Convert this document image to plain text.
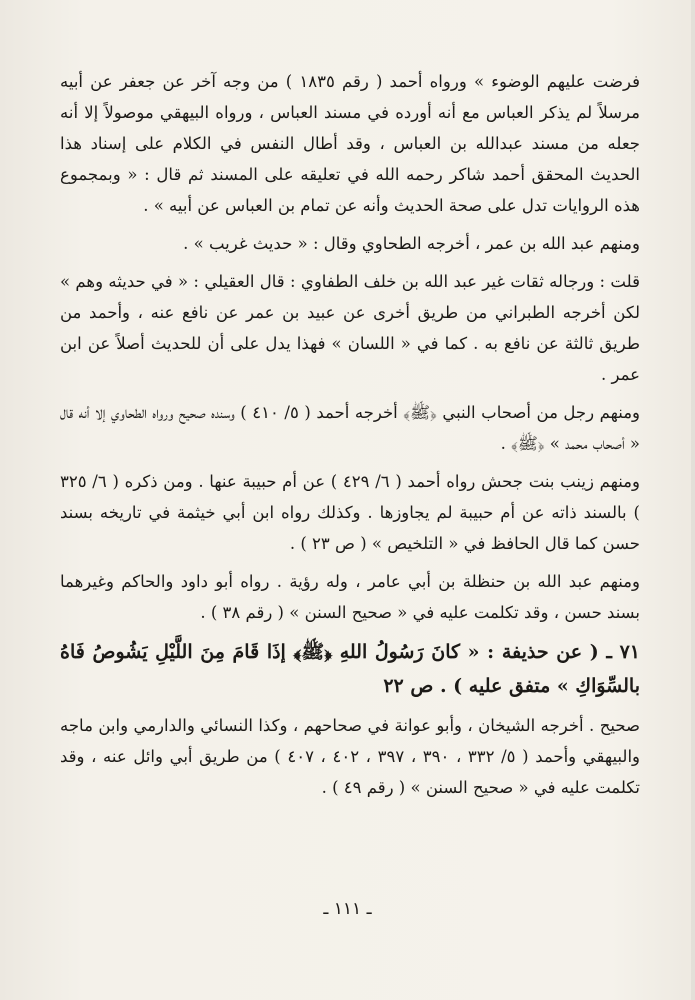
فرضت عليهم الوضوء » ورواه أحمد ( رقم ١٨٣٥ ) من وجه آخر عن جعفر عن أبيه مرسلاً لم يذكر العباس مع أنه أورده في مسند العباس ، ورواه البيهقي موصولاً إلا أنه جعله من مسند عبدالله بن العباس ، وقد أطال النفس في الكلام على إسناد هذا الحديث المحقق أحمد شاكر رحمه الله في تعليقه على المسند ثم قال : « وبمجموع هذه الروايات تدل على صحة الحديث وأنه عن تمام بن العباس عن أبيه » .

ومنهم عبد الله بن عمر ، أخرجه الطحاوي وقال : « حديث غريب » .

قلت : ورجاله ثقات غير عبد الله بن خلف الطفاوي : قال العقيلي : « في حديثه وهم » لكن أخرجه الطبراني من طريق أخرى عن عبيد بن عمر عن نافع عنه ، وأحمد من طريق ثالثة عن نافع به . كما في « اللسان » فهذا يدل على أن للحديث أصلاً عن ابن عمر .

ومنهم رجل من أصحاب النبي ﴿ﷺ﴾ أخرجه أحمد ( ٥/ ٤١٠ ) وسنده صحيح ورواه الطحاوي إلا أنه قال « أصحاب محمد » ﴿ﷺ﴾ .

ومنهم زينب بنت جحش رواه أحمد ( ٦/ ٤٢٩ ) عن أم حبيبة عنها . ومن ذكره ( ٦/ ٣٢٥ ) بالسند ذاته عن أم حبيبة لم يجاوزها . وكذلك رواه ابن أبي خيثمة في تاريخه بسند حسن كما قال الحافظ في « التلخيص » ( ص ٢٣ ) .

ومنهم عبد الله بن حنظلة بن أبي عامر ، وله رؤية . رواه أبو داود والحاكم وغيرهما بسند حسن ، وقد تكلمت عليه في « صحيح السنن » ( رقم ٣٨ ) .

٧١ ـ ( عن حذيفة : « كانَ رَسُولُ اللهِ ﴿ﷺ﴾ إذَا قَامَ مِنَ اللَّيْلِ يَشُوصُ فَاهُ بالسِّوَاكِ » متفق عليه ) . ص ٢٢

صحيح . أخرجه الشيخان ، وأبو عوانة في صحاحهم ، وكذا النسائي والدارمي وابن ماجه والبيهقي وأحمد ( ٥/ ٣٣٢ ، ٣٩٠ ، ٣٩٧ ، ٤٠٢ ، ٤٠٧ ) من طريق أبي وائل عنه ، وقد تكلمت عليه في « صحيح السنن » ( رقم ٤٩ ) .

ـ ١١١ ـ
